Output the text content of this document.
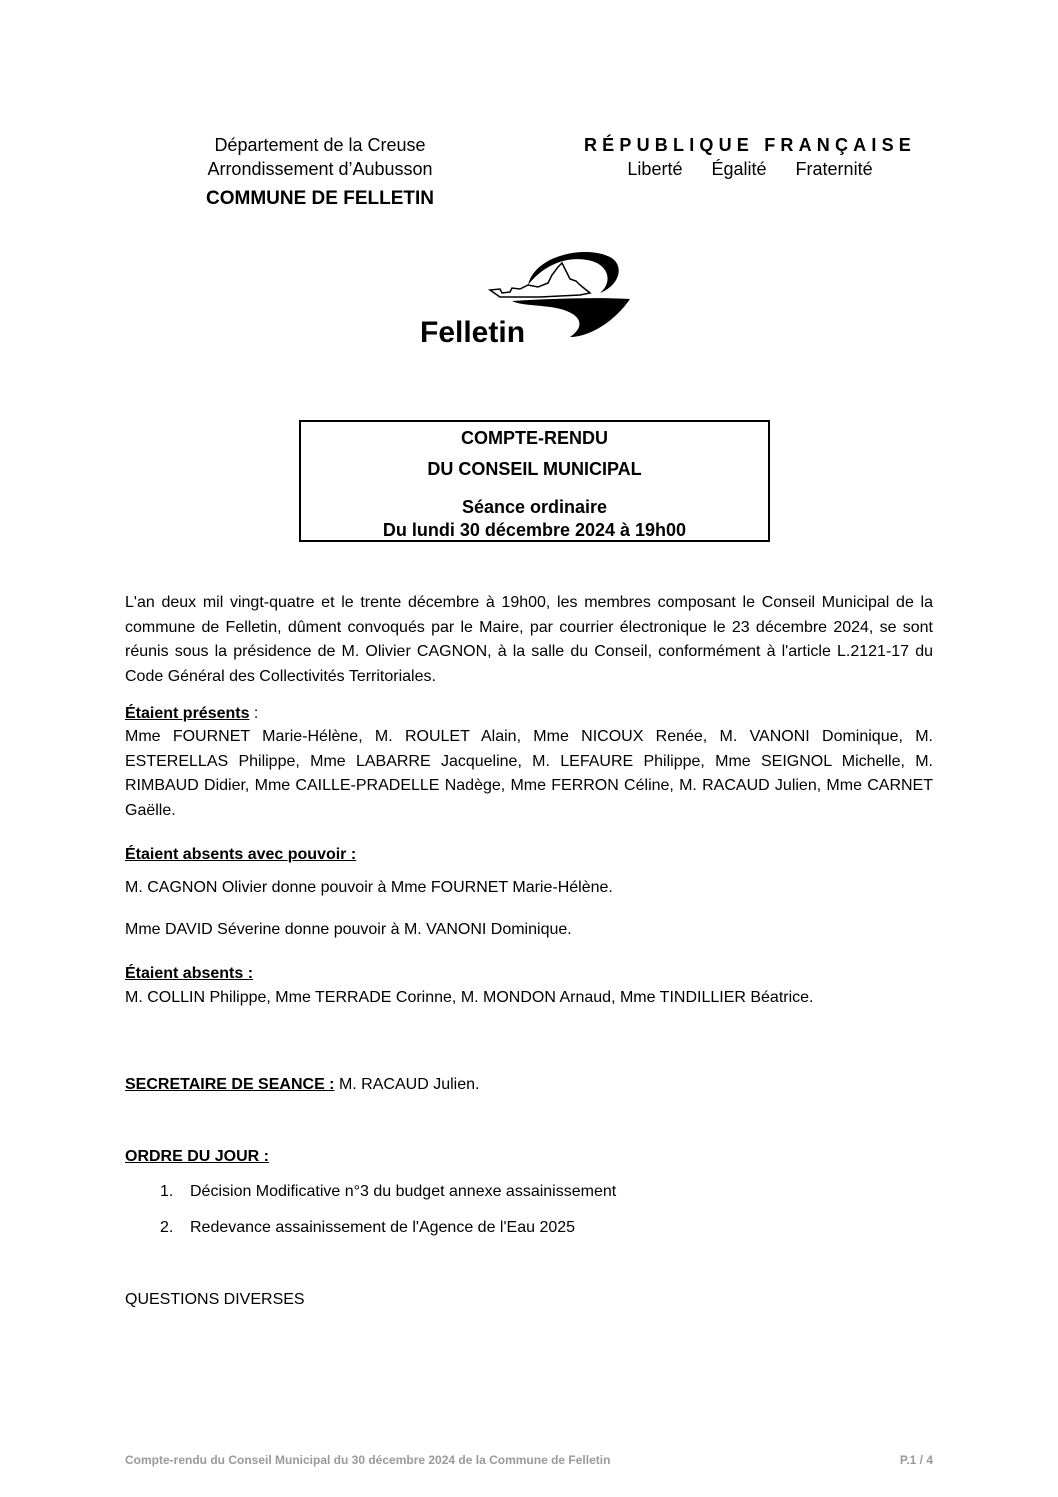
Département de la Creuse
Arrondissement d’Aubusson
COMMUNE DE FELLETIN
RÉPUBLIQUE FRANÇAISE
Liberté Égalité Fraternité
Felletin
COMPTE-RENDU
DU CONSEIL MUNICIPAL
Séance ordinaire
Du lundi 30 décembre 2024 à 19h00
L'an deux mil vingt-quatre et le trente décembre à 19h00, les membres composant le Conseil Municipal de la commune de Felletin, dûment convoqués par le Maire, par courrier électronique le 23 décembre 2024, se sont réunis sous la présidence de M. Olivier CAGNON, à la salle du Conseil, conformément à l'article L.2121-17 du Code Général des Collectivités Territoriales.
Étaient présents :
Mme FOURNET Marie-Hélène, M. ROULET Alain, Mme NICOUX Renée, M. VANONI Dominique, M. ESTERELLAS Philippe, Mme LABARRE Jacqueline, M. LEFAURE Philippe, Mme SEIGNOL Michelle, M. RIMBAUD Didier, Mme CAILLE-PRADELLE Nadège, Mme FERRON Céline, M. RACAUD Julien, Mme CARNET Gaëlle.
Étaient absents avec pouvoir :
M. CAGNON Olivier donne pouvoir à Mme FOURNET Marie-Hélène.
Mme DAVID Séverine donne pouvoir à M. VANONI Dominique.
Étaient absents :
M. COLLIN Philippe, Mme TERRADE Corinne, M. MONDON Arnaud, Mme TINDILLIER Béatrice.
SECRETAIRE DE SEANCE : M. RACAUD Julien.
ORDRE DU JOUR :
1. Décision Modificative n°3 du budget annexe assainissement
2. Redevance assainissement de l'Agence de l'Eau 2025
QUESTIONS DIVERSES
Compte-rendu du Conseil Municipal du 30 décembre 2024 de la Commune de Felletin	P.1 / 4
